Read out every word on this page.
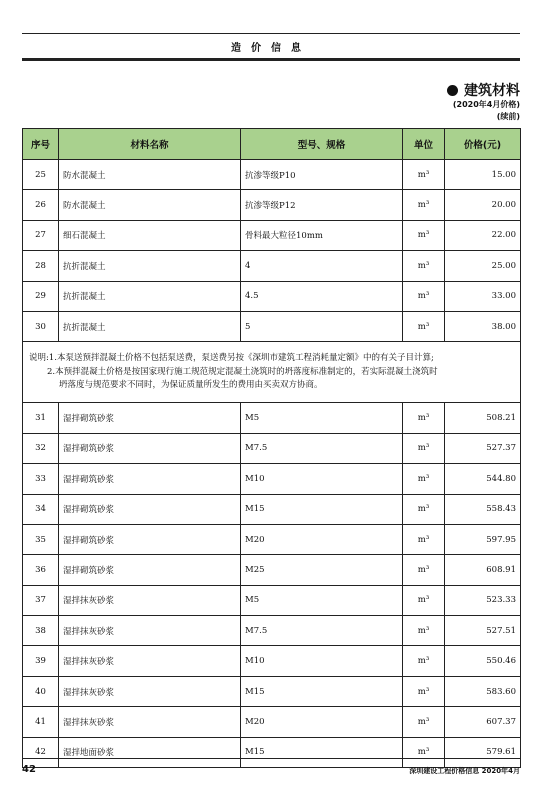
造价信息
建筑材料
(2020年4月价格)
(续前)
序号	材料名称	型号、规格	单位	价格(元)
25	防水混凝土	抗渗等级P10	m³	15.00
26	防水混凝土	抗渗等级P12	m³	20.00
27	细石混凝土	骨料最大粒径10mm	m³	22.00
28	抗折混凝土	4	m³	25.00
29	抗折混凝土	4.5	m³	33.00
30	抗折混凝土	5	m³	38.00

说明:1.本泵送预拌混凝土价格不包括泵送费，泵送费另按《深圳市建筑工程消耗量定额》中的有关子目计算;
2.本预拌混凝土价格是按国家现行施工规范规定混凝土浇筑时的坍落度标准制定的，若实际混凝土浇筑时
坍落度与规范要求不同时，为保证质量所发生的费用由买卖双方协商。				

31	湿拌砌筑砂浆	M5	m³	508.21
32	湿拌砌筑砂浆	M7.5	m³	527.37
33	湿拌砌筑砂浆	M10	m³	544.80
34	湿拌砌筑砂浆	M15	m³	558.43
35	湿拌砌筑砂浆	M20	m³	597.95
36	湿拌砌筑砂浆	M25	m³	608.91
37	湿拌抹灰砂浆	M5	m³	523.33
38	湿拌抹灰砂浆	M7.5	m³	527.51
39	湿拌抹灰砂浆	M10	m³	550.46
40	湿拌抹灰砂浆	M15	m³	583.60
41	湿拌抹灰砂浆	M20	m³	607.37
42	湿拌地面砂浆	M15	m³	579.61
42	深圳建设工程价格信息 2020年4月
